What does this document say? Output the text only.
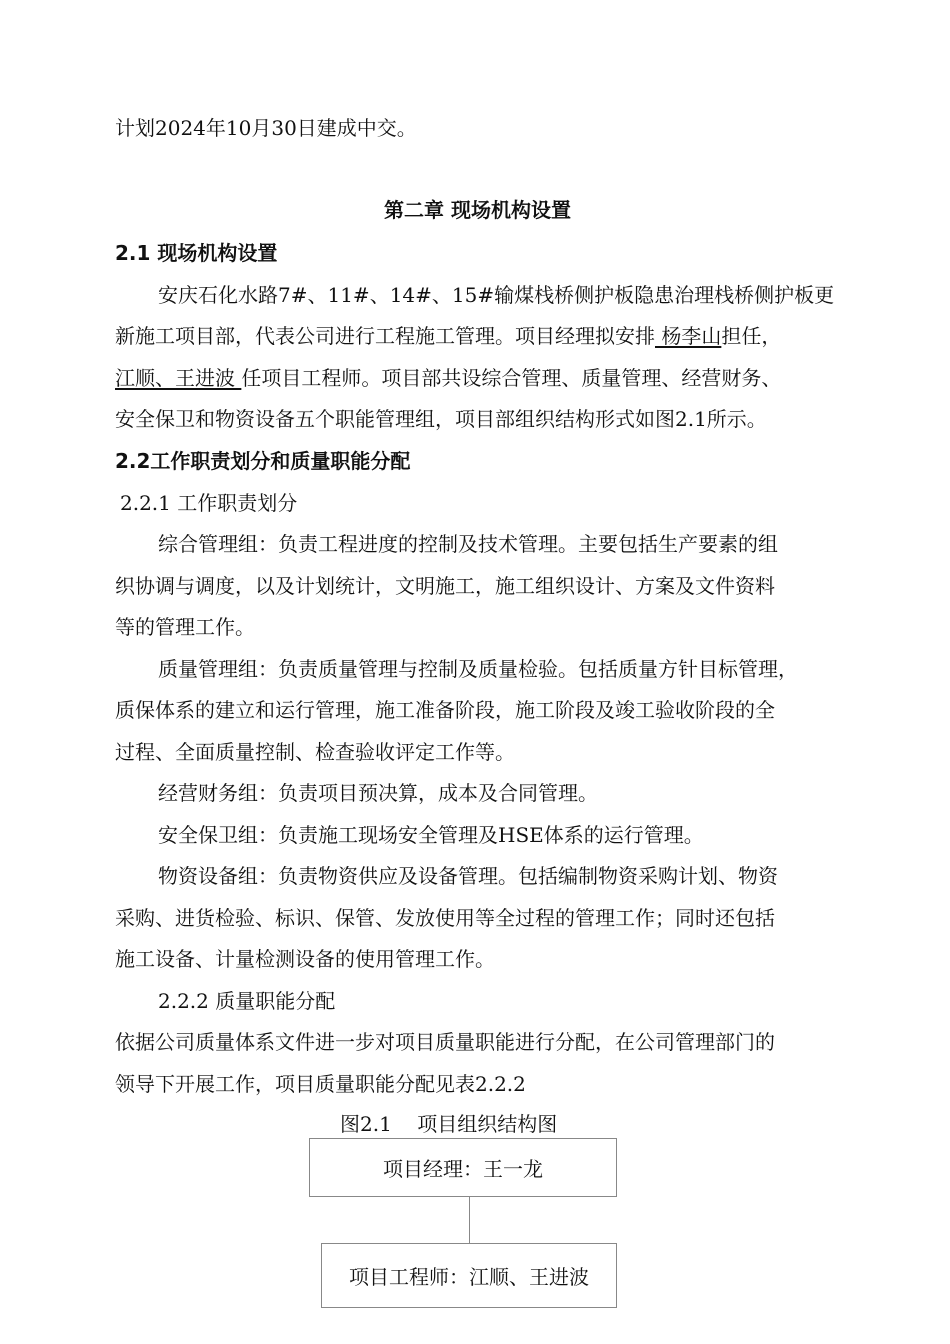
计划2024年10月30日建成中交。
第二章 现场机构设置
2.1 现场机构设置
安庆石化水路7#、11#、14#、15#输煤栈桥侧护板隐患治理栈桥侧护板更
新施工项目部，代表公司进行工程施工管理。项目经理拟安排 杨李山担任，
江顺、王进波 任项目工程师。项目部共设综合管理、质量管理、经营财务、
安全保卫和物资设备五个职能管理组，项目部组织结构形式如图2.1所示。
2.2工作职责划分和质量职能分配
2.2.1 工作职责划分
综合管理组：负责工程进度的控制及技术管理。主要包括生产要素的组
织协调与调度，以及计划统计，文明施工，施工组织设计、方案及文件资料
等的管理工作。
质量管理组：负责质量管理与控制及质量检验。包括质量方针目标管理，
质保体系的建立和运行管理，施工准备阶段，施工阶段及竣工验收阶段的全
过程、全面质量控制、检查验收评定工作等。
经营财务组：负责项目预决算，成本及合同管理。
安全保卫组：负责施工现场安全管理及HSE体系的运行管理。
物资设备组：负责物资供应及设备管理。包括编制物资采购计划、物资
采购、进货检验、标识、保管、发放使用等全过程的管理工作；同时还包括
施工设备、计量检测设备的使用管理工作。
2.2.2 质量职能分配
依据公司质量体系文件进一步对项目质量职能进行分配，在公司管理部门的
领导下开展工作，项目质量职能分配见表2.2.2
图2.1    项目组织结构图
项目经理：王一龙
项目工程师：江顺、王进波
